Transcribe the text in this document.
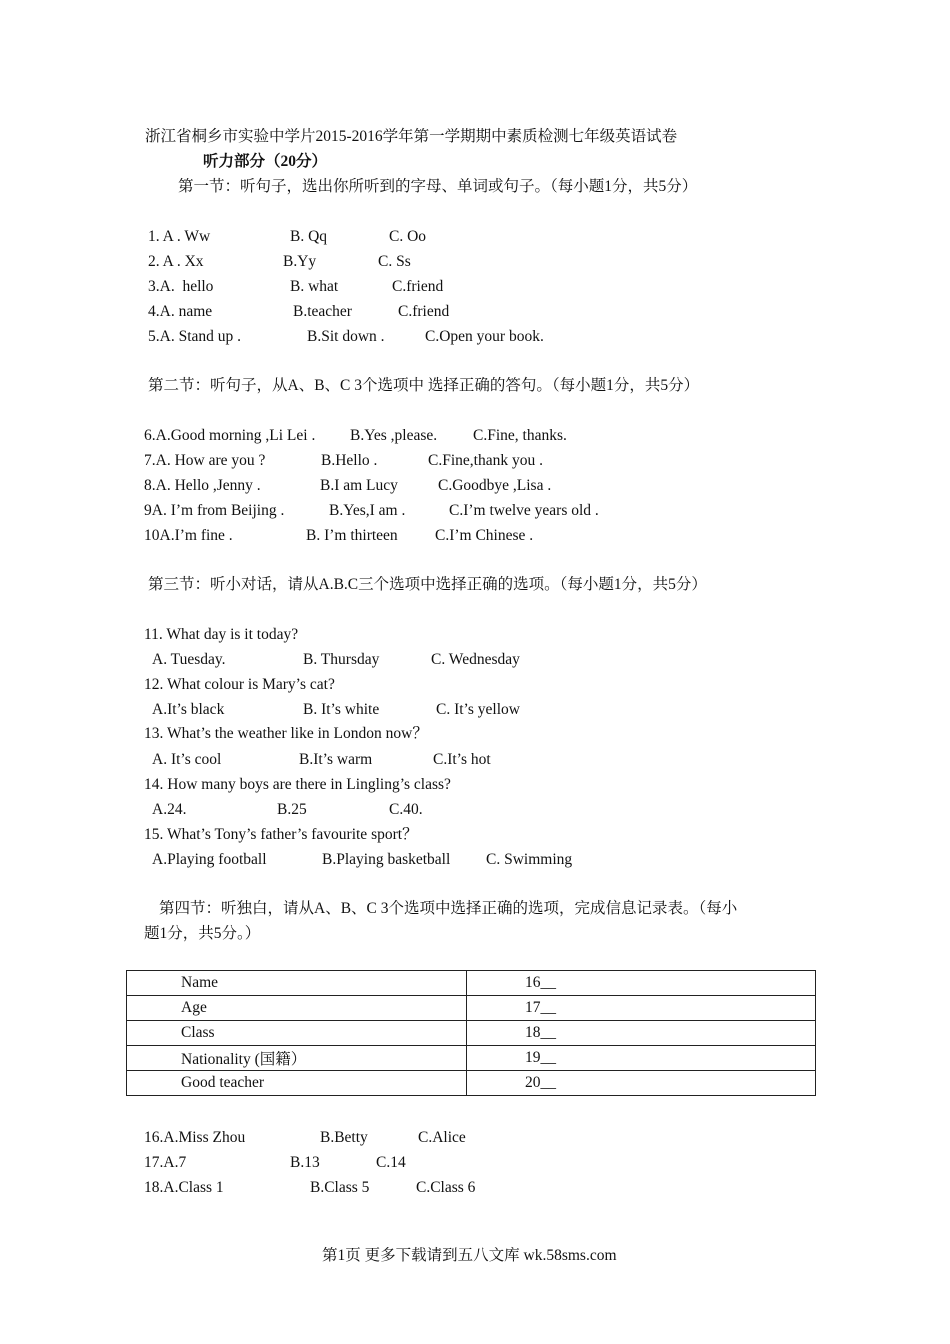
浙江省桐乡市实验中学片2015-2016学年第一学期期中素质检测七年级英语试卷
听力部分（20分）
第一节：听句子，选出你所听到的字母、单词或句子。（每小题1分，共5分）
1. A . Ww	B. Qq	C. Oo
2. A . Xx	B.Yy	C. Ss
3.A.  hello	B. what	C.friend
4.A. name	B.teacher	C.friend
5.A. Stand up .	B.Sit down .	C.Open your book.
第二节：听句子，从A、B、C 3个选项中 选择正确的答句。（每小题1分，共5分）
6.A.Good morning ,Li Lei . B.Yes ,please. C.Fine, thanks.
7.A. How are you ?	B.Hello .	C.Fine,thank you .
8.A. Hello ,Jenny .	B.I am Lucy	C.Goodbye ,Lisa .
9A. I’m from Beijing .	B.Yes,I am .	C.I’m twelve years old .
10A.I’m fine .	B. I’m thirteen C.I’m Chinese .
第三节：听小对话，请从A.B.C三个选项中选择正确的选项。（每小题1分，共5分）
11. What day is it today?
A. Tuesday.	B. Thursday	C. Wednesday
12. What colour is Mary’s cat?
A.It’s black	B. It’s white	C. It’s yellow
13. What’s the weather like in London now？
A. It’s cool	B.It’s warm	C.It’s hot
14. How many boys are there in Lingling’s class?
A.24.	B.25	C.40.
15. What’s Tony’s father’s favourite sport？
A.Playing football	B.Playing basketball C. Swimming
第四节：听独白，请从A、B、C 3个选项中选择正确的选项，完成信息记录表。（每小
题1分，共5分。）
Name	16__
Age	17__
Class	18__
Nationality (国籍）	19__
Good teacher	20__
16.A.Miss Zhou	B.Betty	C.Alice
17.A.7	B.13	C.14
18.A.Class 1	B.Class 5	C.Class 6
第1页 更多下载请到五八文库 wk.58sms.com
